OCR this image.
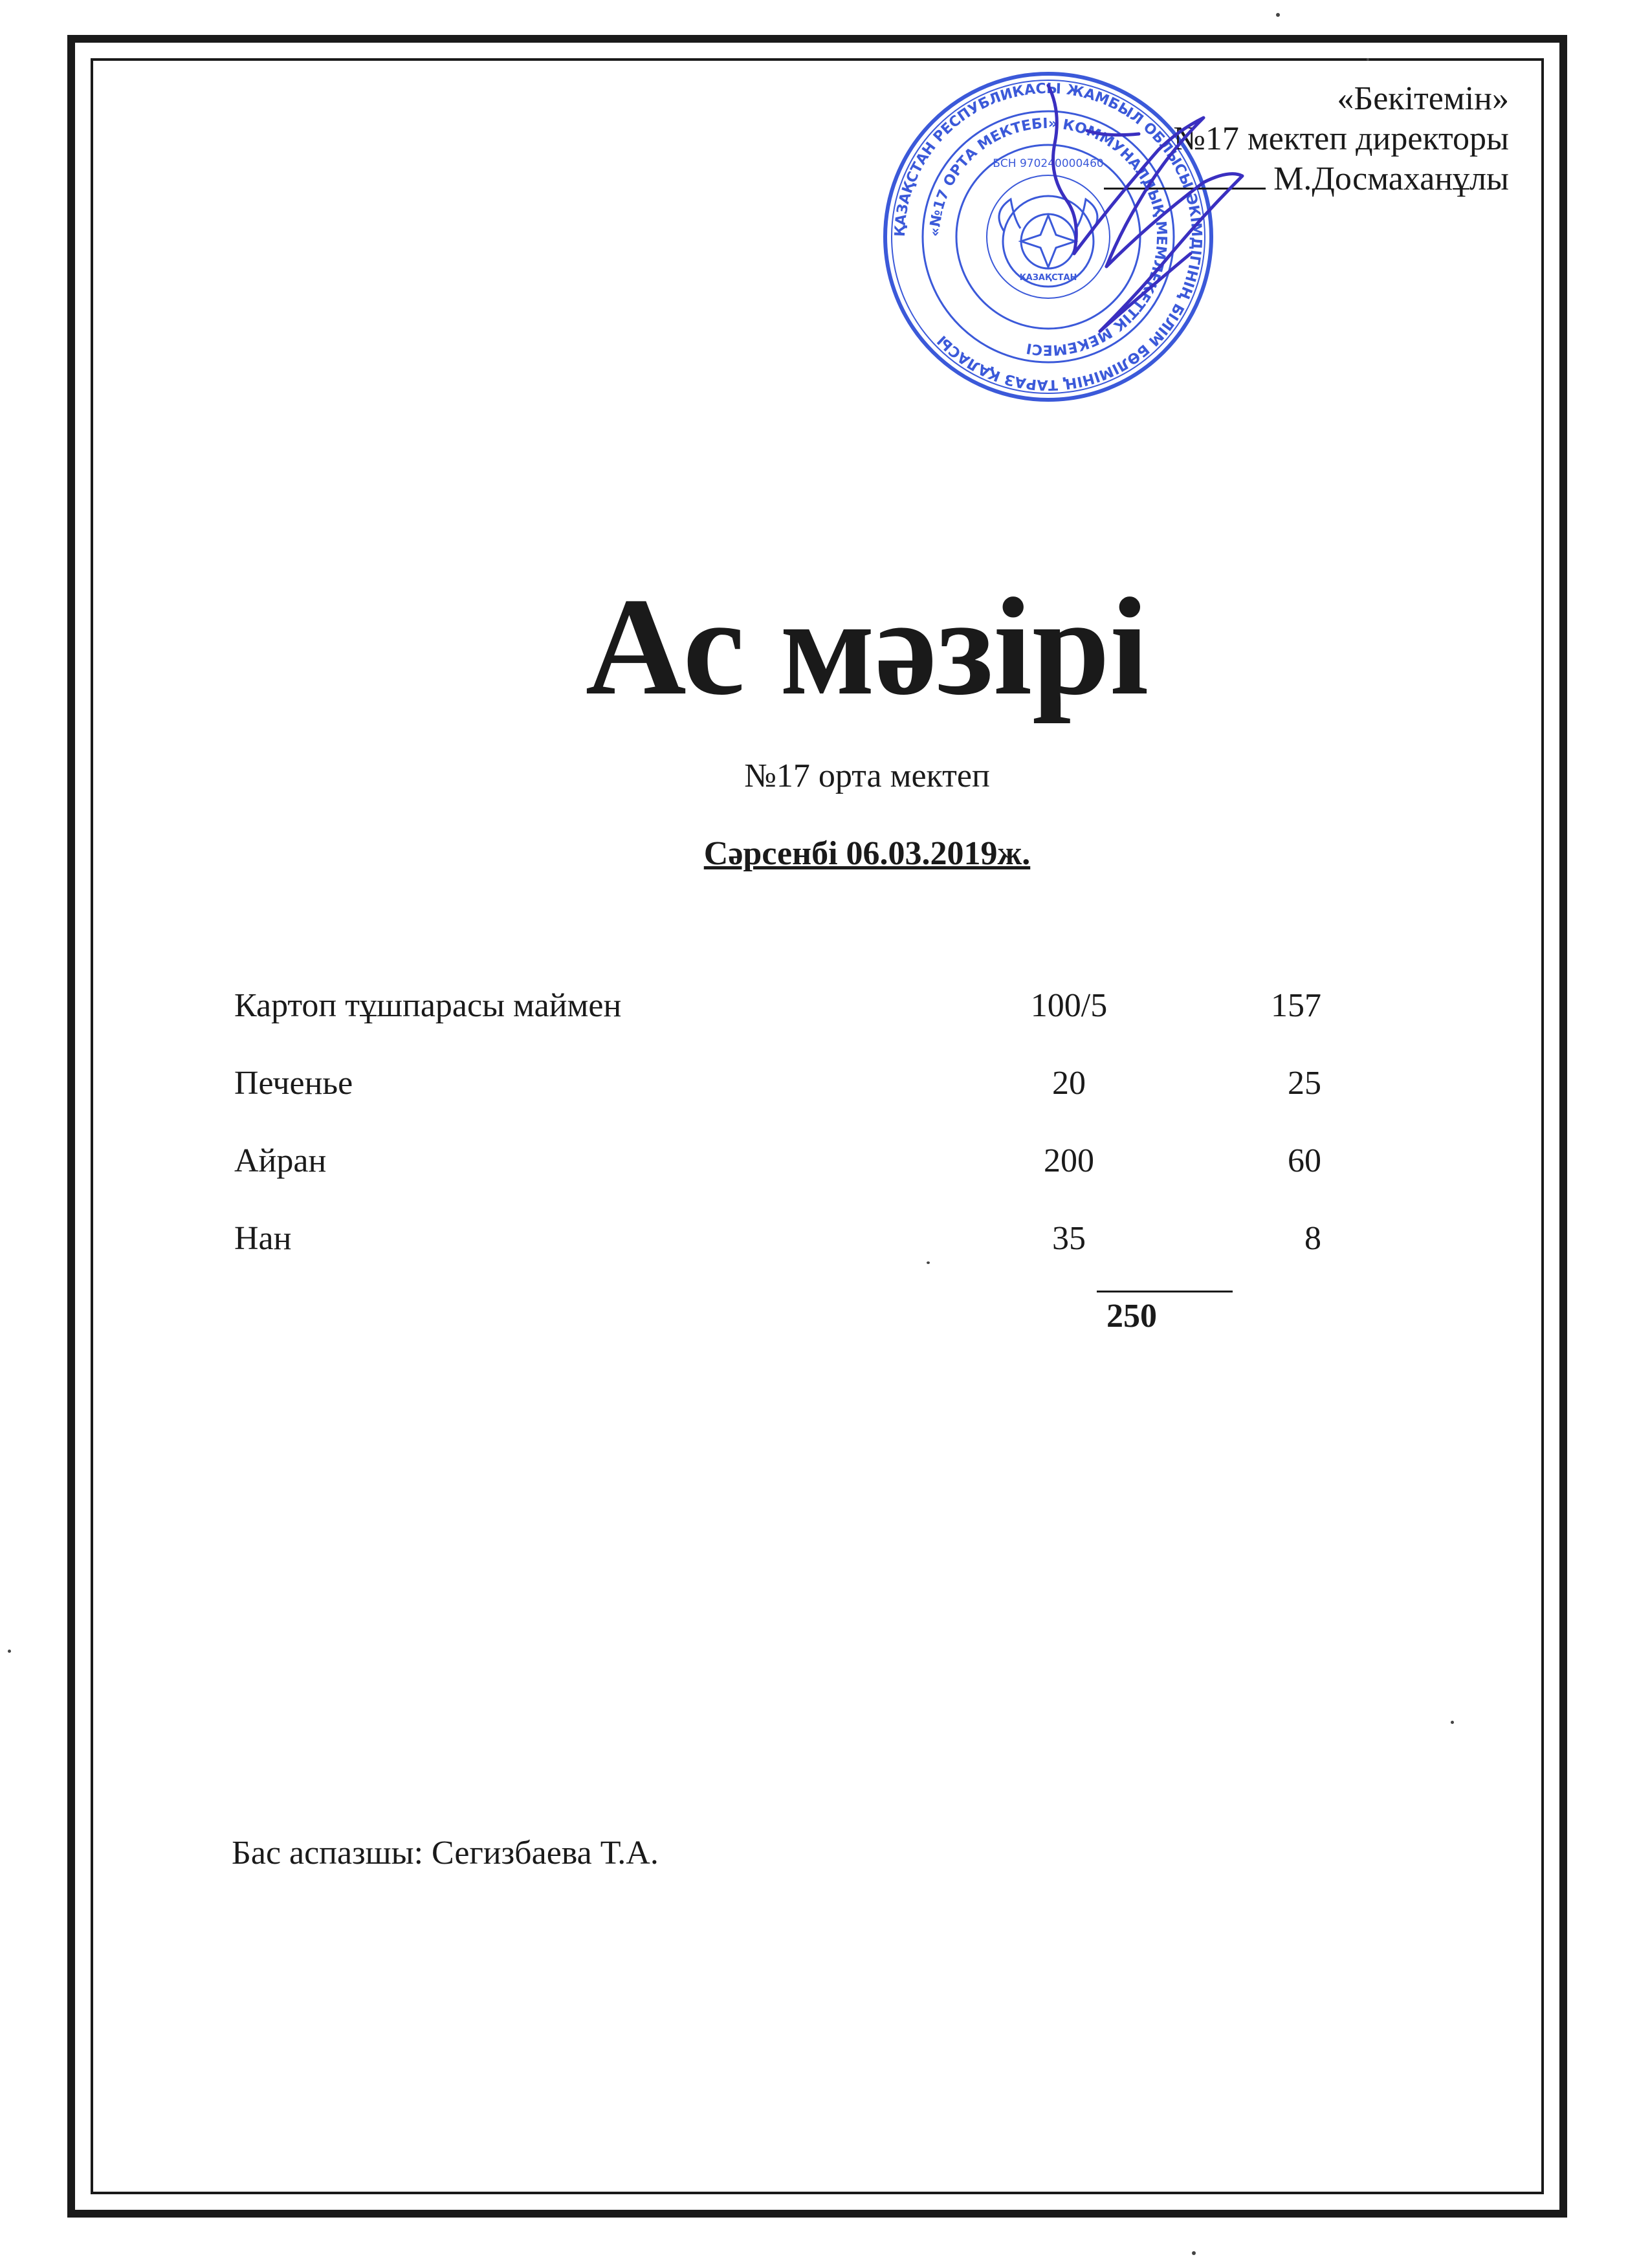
ҚАЗАҚСТАН РЕСПУБЛИКАСЫ ЖАМБЫЛ ОБЛЫСЫ ӘКІМДІГІНІҢ БІЛІМ БӨЛІМІНІҢ ТАРАЗ ҚАЛАСЫ
«№17 ОРТА МЕКТЕБІ» КОММУНАЛДЫҚ МЕМЛЕКЕТТІК МЕКЕМЕСІ
БСН 970240000460
ҚАЗАҚСТАН
«Бекітемін»
№17 мектеп директоры
М.Досмаханұлы
Ас мәзірі
№17 орта мектеп
Сәрсенбі 06.03.2019ж.
Картоп тұшпарасы маймен	100/5	157
Печенье	20	25
Айран	200	60
Нан	35	8
250
Бас аспазшы: Сегизбаева Т.А.
